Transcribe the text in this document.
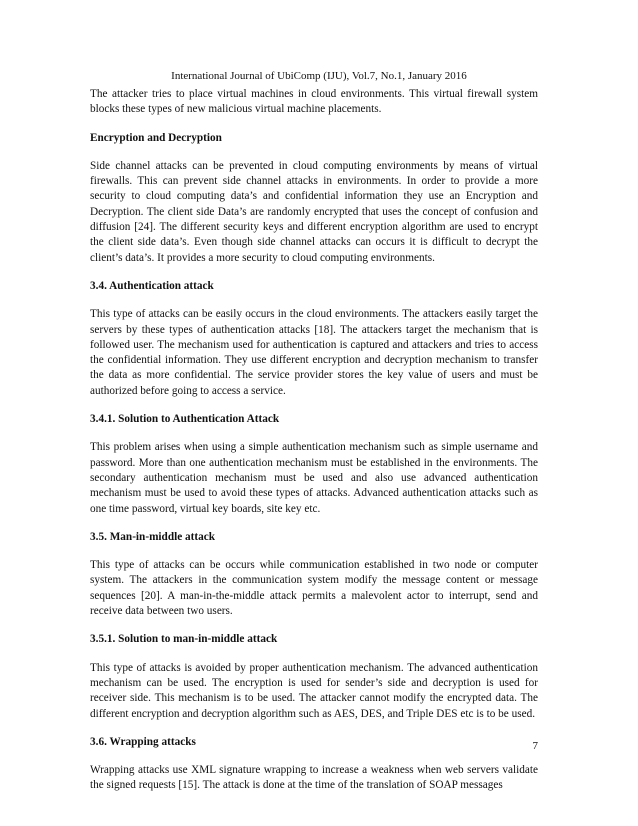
International Journal of UbiComp (IJU), Vol.7, No.1, January 2016

The attacker tries to place virtual machines in cloud environments. This virtual firewall system blocks these types of new malicious virtual machine placements.

Encryption and Decryption

Side channel attacks can be prevented in cloud computing environments by means of virtual firewalls. This can prevent side channel attacks in environments. In order to provide a more security to cloud computing data’s and confidential information they use an Encryption and Decryption. The client side Data’s are randomly encrypted that uses the concept of confusion and diffusion [24]. The different security keys and different encryption algorithm are used to encrypt the client side data’s. Even though side channel attacks can occurs it is difficult to decrypt the client’s data’s. It provides a more security to cloud computing environments.

3.4. Authentication attack

This type of attacks can be easily occurs in the cloud environments. The attackers easily target the servers by these types of authentication attacks [18]. The attackers target the mechanism that is followed user. The mechanism used for authentication is captured and attackers and tries to access the confidential information. They use different encryption and decryption mechanism to transfer the data as more confidential. The service provider stores the key value of users and must be authorized before going to access a service.

3.4.1. Solution to Authentication Attack

This problem arises when using a simple authentication mechanism such as simple username and password. More than one authentication mechanism must be established in the environments. The secondary authentication mechanism must be used and also use advanced authentication mechanism must be used to avoid these types of attacks. Advanced authentication attacks such as one time password, virtual key boards, site key etc.

3.5. Man-in-middle attack

This type of attacks can be occurs while communication established in two node or computer system. The attackers in the communication system modify the message content or message sequences [20]. A man-in-the-middle attack permits a malevolent actor to interrupt, send and receive data between two users.

3.5.1. Solution to man-in-middle attack

This type of attacks is avoided by proper authentication mechanism. The advanced authentication mechanism can be used. The encryption is used for sender’s side and decryption is used for receiver side. This mechanism is to be used. The attacker cannot modify the encrypted data. The different encryption and decryption algorithm such as AES, DES, and Triple DES etc is to be used.

3.6. Wrapping attacks

Wrapping attacks use XML signature wrapping to increase a weakness when web servers validate the signed requests [15]. The attack is done at the time of the translation of SOAP messages

7
